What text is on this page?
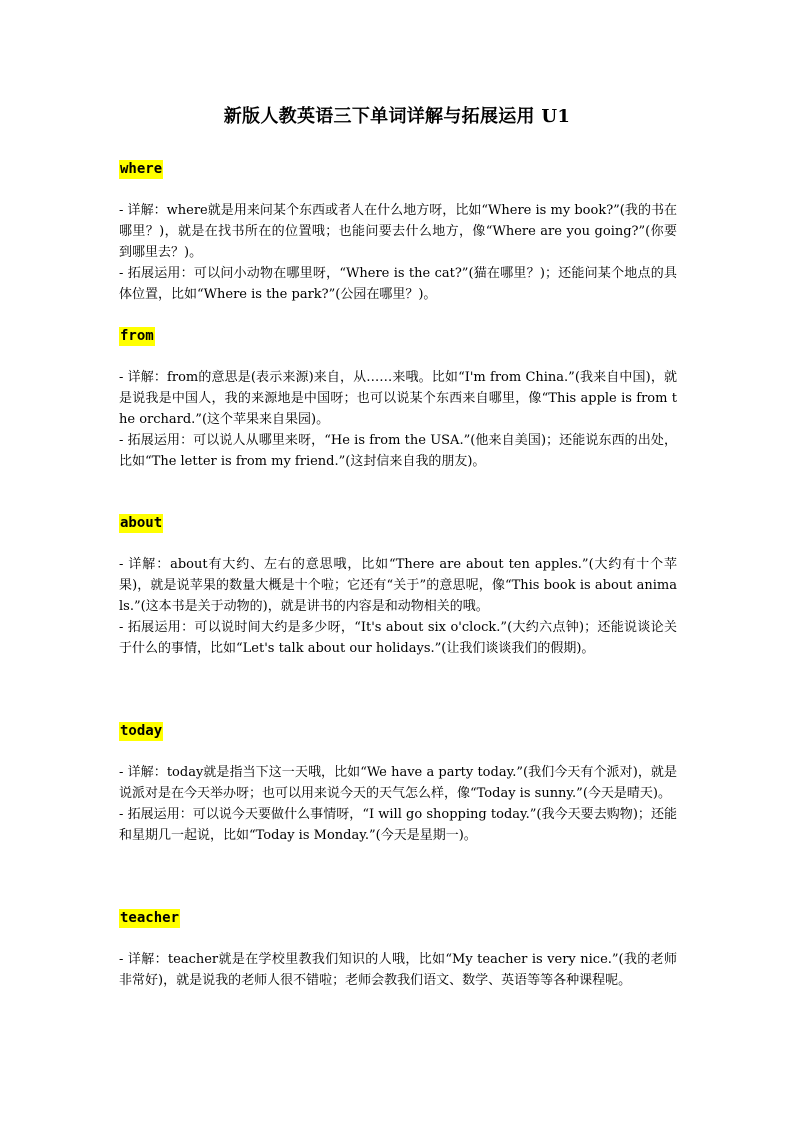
新版人教英语三下单词详解与拓展运用 U1
where

- 详解：where就是用来问某个东西或者人在什么地方呀，比如“Where is my book?”(我的书在哪里？)，就是在找书所在的位置哦；也能问要去什么地方，像“Where are you going?”(你要到哪里去？)。

- 拓展运用：可以问小动物在哪里呀，“Where is the cat?”(猫在哪里？)；还能问某个地点的具体位置，比如“Where is the park?”(公园在哪里？)。

from

- 详解：from的意思是(表示来源)来自，从……来哦。比如“I'm from China.”(我来自中国)，就是说我是中国人，我的来源地是中国呀；也可以说某个东西来自哪里，像“This apple is from the orchard.”(这个苹果来自果园)。

- 拓展运用：可以说人从哪里来呀，“He is from the USA.”(他来自美国)；还能说东西的出处，比如“The letter is from my friend.”(这封信来自我的朋友)。

about

- 详解：about有大约、左右的意思哦，比如“There are about ten apples.”(大约有十个苹果)，就是说苹果的数量大概是十个啦；它还有“关于”的意思呢，像“This book is about animals.”(这本书是关于动物的)，就是讲书的内容是和动物相关的哦。

- 拓展运用：可以说时间大约是多少呀，“It's about six o'clock.”(大约六点钟)；还能说谈论关于什么的事情，比如“Let's talk about our holidays.”(让我们谈谈我们的假期)。

today

- 详解：today就是指当下这一天哦，比如“We have a party today.”(我们今天有个派对)，就是说派对是在今天举办呀；也可以用来说今天的天气怎么样，像“Today is sunny.”(今天是晴天)。

- 拓展运用：可以说今天要做什么事情呀，“I will go shopping today.”(我今天要去购物)；还能和星期几一起说，比如“Today is Monday.”(今天是星期一)。

teacher

- 详解：teacher就是在学校里教我们知识的人哦，比如“My teacher is very nice.”(我的老师非常好)，就是说我的老师人很不错啦；老师会教我们语文、数学、英语等等各种课程呢。
